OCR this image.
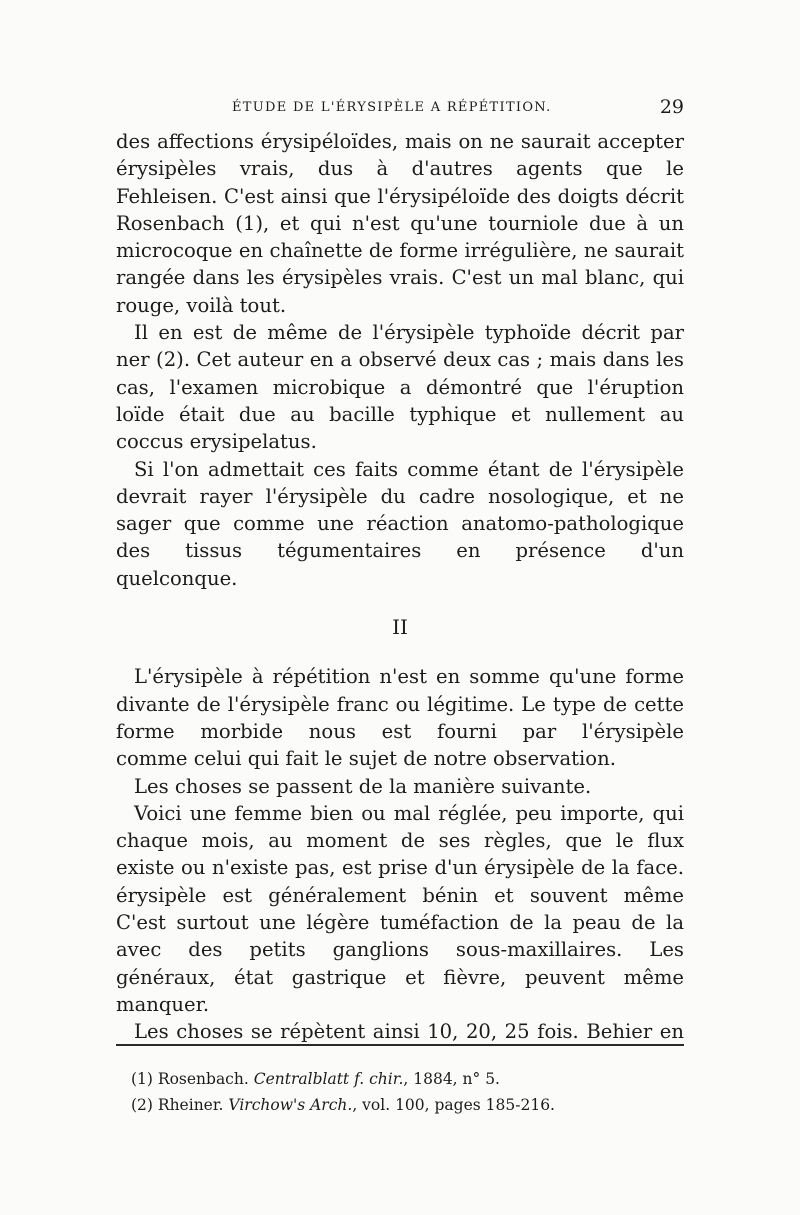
ÉTUDE DE L'ÉRYSIPÈLE A RÉPÉTITION.	29
des affections érysipéloïdes, mais on ne saurait accepter
érysipèles vrais, dus à d'autres agents que le
Fehleisen. C'est ainsi que l'érysipéloïde des doigts décrit
Rosenbach (1), et qui n'est qu'une tourniole due à un
microcoque en chaînette de forme irrégulière, ne saurait
rangée dans les érysipèles vrais. C'est un mal blanc, qui
rouge, voilà tout.
Il en est de même de l'érysipèle typhoïde décrit par
ner (2). Cet auteur en a observé deux cas ; mais dans les
cas, l'examen microbique a démontré que l'éruption
loïde était due au bacille typhique et nullement au
coccus erysipelatus.
Si l'on admettait ces faits comme étant de l'érysipèle
devrait rayer l'érysipèle du cadre nosologique, et ne
sager que comme une réaction anatomo-pathologique
des tissus tégumentaires en présence d'un
quelconque.
II
L'érysipèle à répétition n'est en somme qu'une forme
divante de l'érysipèle franc ou légitime. Le type de cette
forme morbide nous est fourni par l'érysipèle
comme celui qui fait le sujet de notre observation.
Les choses se passent de la manière suivante.
Voici une femme bien ou mal réglée, peu importe, qui
chaque mois, au moment de ses règles, que le flux
existe ou n'existe pas, est prise d'un érysipèle de la face.
érysipèle est généralement bénin et souvent même
C'est surtout une légère tuméfaction de la peau de la
avec des petits ganglions sous-maxillaires. Les
généraux, état gastrique et fièvre, peuvent même
manquer.
Les choses se répètent ainsi 10, 20, 25 fois. Behier en
(1) Rosenbach. Centralblatt f. chir., 1884, n° 5.
(2) Rheiner. Virchow's Arch., vol. 100, pages 185-216.
